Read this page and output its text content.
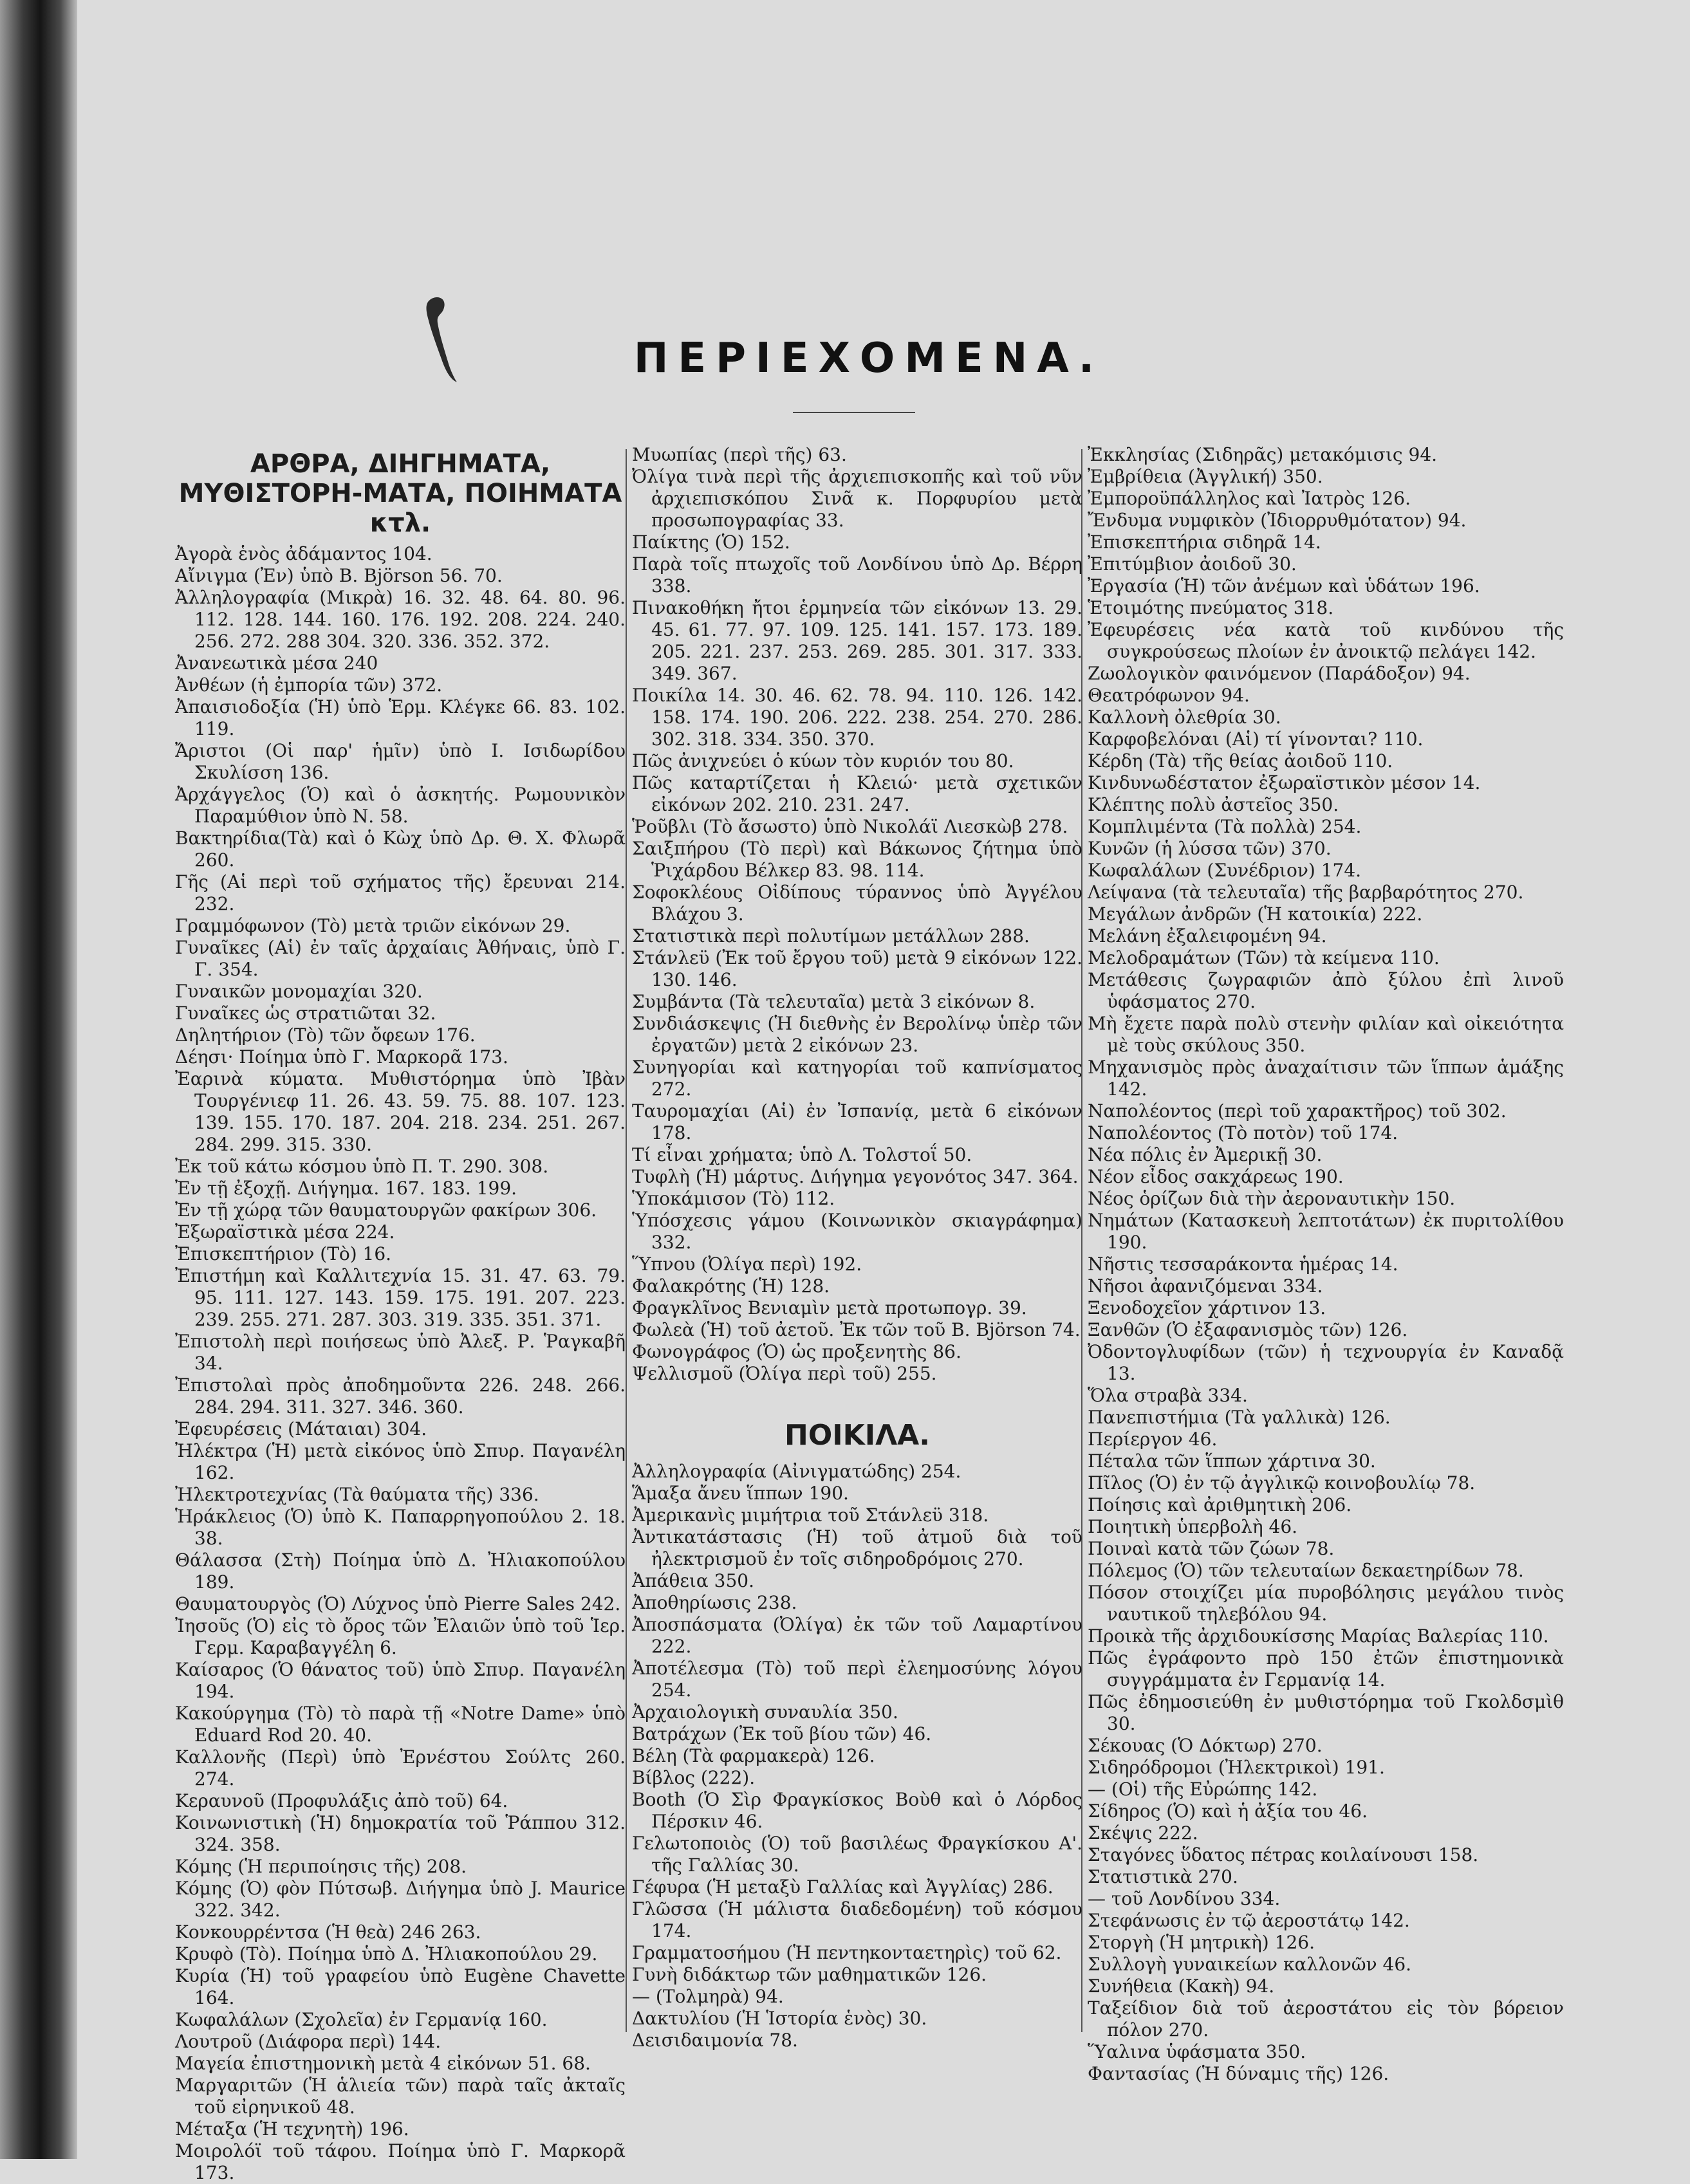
ΠΕΡΙΕΧΟΜΕΝΑ.
ΑΡΘΡΑ, ΔΙΗΓΗΜΑΤΑ, ΜΥΘΙΣΤΟΡΗ-ΜΑΤΑ, ΠΟΙΗΜΑΤΑ κτλ.

Ἀγορὰ ἑνὸς ἀδάμαντος 104.

Αἴνιγμα (Ἐν) ὑπὸ Β. Björson 56. 70.

Ἀλληλογραφία (Μικρὰ) 16. 32. 48. 64. 80. 96. 112. 128. 144. 160. 176. 192. 208. 224. 240. 256. 272. 288 304. 320. 336. 352. 372.

Ἀνανεωτικὰ μέσα 240

Ἀνθέων (ἡ ἐμπορία τῶν) 372.

Ἀπαισιοδοξία (Ἡ) ὑπὸ Ἑρμ. Κλέγκε 66. 83. 102. 119.

Ἄριστοι (Οἱ παρ' ἡμῖν) ὑπὸ Ι. Ισιδωρίδου Σκυλίσση 136.

Ἀρχάγγελος (Ὁ) καὶ ὁ ἀσκητής. Ρωμουνικὸν Παραμύθιον ὑπὸ Ν. 58.

Βακτηρίδια(Τὰ) καὶ ὁ Κὼχ ὑπὸ Δρ. Θ. Χ. Φλωρᾶ 260.

Γῆς (Αἱ περὶ τοῦ σχήματος τῆς) ἔρευναι 214. 232.

Γραμμόφωνον (Τὸ) μετὰ τριῶν εἰκόνων 29.

Γυναῖκες (Αἱ) ἐν ταῖς ἀρχαίαις Ἀθήναις, ὑπὸ Γ. Γ. 354.

Γυναικῶν μονομαχίαι 320.

Γυναῖκες ὡς στρατιῶται 32.

Δηλητήριον (Τὸ) τῶν ὄφεων 176.

Δέησι· Ποίημα ὑπὸ Γ. Μαρκορᾶ 173.

Ἐαρινὰ κύματα. Μυθιστόρημα ὑπὸ Ἰβὰν Τουργένιεφ 11. 26. 43. 59. 75. 88. 107. 123. 139. 155. 170. 187. 204. 218. 234. 251. 267. 284. 299. 315. 330.

Ἐκ τοῦ κάτω κόσμου ὑπὸ Π. Τ. 290. 308.

Ἐν τῇ ἐξοχῇ. Διήγημα. 167. 183. 199.

Ἐν τῇ χώρᾳ τῶν θαυματουργῶν φακίρων 306.

Ἐξωραϊστικὰ μέσα 224.

Ἐπισκεπτήριον (Τὸ) 16.

Ἐπιστήμη καὶ Καλλιτεχνία 15. 31. 47. 63. 79. 95. 111. 127. 143. 159. 175. 191. 207. 223. 239. 255. 271. 287. 303. 319. 335. 351. 371.

Ἐπιστολὴ περὶ ποιήσεως ὑπὸ Ἀλεξ. Ρ. Ῥαγκαβῆ 34.

Ἐπιστολαὶ πρὸς ἀποδημοῦντα 226. 248. 266. 284. 294. 311. 327. 346. 360.

Ἐφευρέσεις (Μάταιαι) 304.

Ἠλέκτρα (Ἡ) μετὰ εἰκόνος ὑπὸ Σπυρ. Παγανέλη 162.

Ἠλεκτροτεχνίας (Τὰ θαύματα τῆς) 336.

Ἡράκλειος (Ὁ) ὑπὸ Κ. Παπαρρηγοπούλου 2. 18. 38.

Θάλασσα (Στὴ) Ποίημα ὑπὸ Δ. Ἠλιακοπούλου 189.

Θαυματουργὸς (Ὁ) Λύχνος ὑπὸ Pierre Sales 242.

Ἰησοῦς (Ὁ) εἰς τὸ ὄρος τῶν Ἐλαιῶν ὑπὸ τοῦ Ἱερ. Γερμ. Καραβαγγέλη 6.

Καίσαρος (Ὁ θάνατος τοῦ) ὑπὸ Σπυρ. Παγανέλη 194.

Κακούργημα (Τὸ) τὸ παρὰ τῇ «Notre Dame» ὑπὸ Eduard Rod 20. 40.

Καλλονῆς (Περὶ) ὑπὸ Ἐρνέστου Σούλτς 260. 274.

Κεραυνοῦ (Προφυλάξις ἀπὸ τοῦ) 64.

Κοινωνιστικὴ (Ἡ) δημοκρατία τοῦ Ῥάππου 312. 324. 358.

Κόμης (Ἡ περιποίησις τῆς) 208.

Κόμης (Ὁ) φὸν Πύτσωβ. Διήγημα ὑπὸ J. Maurice 322. 342.

Κονκουρρέντσα (Ἡ θεὰ) 246 263.

Κρυφὸ (Τὸ). Ποίημα ὑπὸ Δ. Ἠλιακοπούλου 29.

Κυρία (Ἡ) τοῦ γραφείου ὑπὸ Eugène Chavette 164.

Κωφαλάλων (Σχολεῖα) ἐν Γερμανίᾳ 160.

Λουτροῦ (Διάφορα περὶ) 144.

Μαγεία ἐπιστημονικὴ μετὰ 4 εἰκόνων 51. 68.

Μαργαριτῶν (Ἡ ἁλιεία τῶν) παρὰ ταῖς ἀκταῖς τοῦ εἰρηνικοῦ 48.

Μέταξα (Ἡ τεχνητὴ) 196.

Μοιρολόϊ τοῦ τάφου. Ποίημα ὑπὸ Γ. Μαρκορᾶ 173.

Μυωπίας (περὶ τῆς) 63.

Ὀλίγα τινὰ περὶ τῆς ἀρχιεπισκοπῆς καὶ τοῦ νῦν ἀρχιεπισκόπου Σινᾶ κ. Πορφυρίου μετὰ προσωπογραφίας 33.

Παίκτης (Ὁ) 152.

Παρὰ τοῖς πτωχοῖς τοῦ Λονδίνου ὑπὸ Δρ. Βέρρη 338.

Πινακοθήκη ἤτοι ἑρμηνεία τῶν εἰκόνων 13. 29. 45. 61. 77. 97. 109. 125. 141. 157. 173. 189. 205. 221. 237. 253. 269. 285. 301. 317. 333. 349. 367.

Ποικίλα 14. 30. 46. 62. 78. 94. 110. 126. 142. 158. 174. 190. 206. 222. 238. 254. 270. 286. 302. 318. 334. 350. 370.

Πῶς ἀνιχνεύει ὁ κύων τὸν κυριόν του 80.

Πῶς καταρτίζεται ἡ Κλειώ· μετὰ σχετικῶν εἰκόνων 202. 210. 231. 247.

Ῥοῦβλι (Τὸ ἄσωστο) ὑπὸ Νικολάϊ Λιεσκὼβ 278.

Σαιξπήρου (Τὸ περὶ) καὶ Βάκωνος ζήτημα ὑπὸ Ῥιχάρδου Βέλκερ 83. 98. 114.

Σοφοκλέους Οἰδίπους τύραννος ὑπὸ Ἀγγέλου Βλάχου 3.

Στατιστικὰ περὶ πολυτίμων μετάλλων 288.

Στάνλεϋ (Ἐκ τοῦ ἔργου τοῦ) μετὰ 9 εἰκόνων 122. 130. 146.

Συμβάντα (Τὰ τελευταῖα) μετὰ 3 εἰκόνων 8.

Συνδιάσκεψις (Ἡ διεθνὴς ἐν Βερολίνῳ ὑπὲρ τῶν ἐργατῶν) μετὰ 2 εἰκόνων 23.

Συνηγορίαι καὶ κατηγορίαι τοῦ καπνίσματος 272.

Ταυρομαχίαι (Αἱ) ἐν Ἰσπανίᾳ, μετὰ 6 εἰκόνων 178.

Τί εἶναι χρήματα; ὑπὸ Λ. Τολστοΐ 50.

Τυφλὴ (Ἡ) μάρτυς. Διήγημα γεγονότος 347. 364.

Ὑποκάμισον (Τὸ) 112.

Ὑπόσχεσις γάμου (Κοινωνικὸν σκιαγράφημα) 332.

Ὕπνου (Ὀλίγα περὶ) 192.

Φαλακρότης (Ἡ) 128.

Φραγκλῖνος Βενιαμὶν μετὰ προτωπογρ. 39.

Φωλεὰ (Ἡ) τοῦ ἀετοῦ. Ἐκ τῶν τοῦ Β. Björson 74.

Φωνογράφος (Ὁ) ὡς προξενητὴς 86.

Ψελλισμοῦ (Ὀλίγα περὶ τοῦ) 255.

ΠΟΙΚΙΛΑ.

Ἀλληλογραφία (Αἰνιγματώδης) 254.

Ἅμαξα ἄνευ ἵππων 190.

Ἀμερικανὶς μιμήτρια τοῦ Στάνλεϋ 318.

Ἀντικατάστασις (Ἡ) τοῦ ἀτμοῦ διὰ τοῦ ἠλεκτρισμοῦ ἐν τοῖς σιδηροδρόμοις 270.

Ἀπάθεια 350.

Ἀποθηρίωσις 238.

Ἀποσπάσματα (Ὀλίγα) ἐκ τῶν τοῦ Λαμαρτίνου 222.

Ἀποτέλεσμα (Τὸ) τοῦ περὶ ἐλεημοσύνης λόγου 254.

Ἀρχαιολογικὴ συναυλία 350.

Βατράχων (Ἐκ τοῦ βίου τῶν) 46.

Βέλη (Τὰ φαρμακερὰ) 126.

Βίβλος (222).

Booth (Ὁ Σὶρ Φραγκίσκος Βοὺθ καὶ ὁ Λόρδος Πέρσκιν 46.

Γελωτοποιὸς (Ὁ) τοῦ βασιλέως Φραγκίσκου Α'. τῆς Γαλλίας 30.

Γέφυρα (Ἡ μεταξὺ Γαλλίας καὶ Ἀγγλίας) 286.

Γλῶσσα (Ἡ μάλιστα διαδεδομένη) τοῦ κόσμου 174.

Γραμματοσήμου (Ἡ πεντηκονταετηρὶς) τοῦ 62.

Γυνὴ διδάκτωρ τῶν μαθηματικῶν 126.

— (Τολμηρὰ) 94.

Δακτυλίου (Ἡ Ἱστορία ἑνὸς) 30.

Δεισιδαιμονία 78.

Ἐκκλησίας (Σιδηρᾶς) μετακόμισις 94.

Ἐμβρίθεια (Ἀγγλική) 350.

Ἐμποροϋπάλληλος καὶ Ἰατρὸς 126.

Ἔνδυμα νυμφικὸν (Ἰδιορρυθμότατον) 94.

Ἐπισκεπτήρια σιδηρᾶ 14.

Ἐπιτύμβιον ἀοιδοῦ 30.

Ἐργασία (Ἡ) τῶν ἀνέμων καὶ ὑδάτων 196.

Ἑτοιμότης πνεύματος 318.

Ἐφευρέσεις νέα κατὰ τοῦ κινδύνου τῆς συγκρούσεως πλοίων ἐν ἀνοικτῷ πελάγει 142.

Ζωολογικὸν φαινόμενον (Παράδοξον) 94.

Θεατρόφωνον 94.

Καλλονὴ ὀλεθρία 30.

Καρφοβελόναι (Αἱ) τί γίνονται? 110.

Κέρδη (Τὰ) τῆς θείας ἀοιδοῦ 110.

Κινδυνωδέστατον ἐξωραϊστικὸν μέσον 14.

Κλέπτης πολὺ ἀστεῖος 350.

Κομπλιμέντα (Τὰ πολλὰ) 254.

Κυνῶν (ἡ λύσσα τῶν) 370.

Κωφαλάλων (Συνέδριον) 174.

Λείψανα (τὰ τελευταῖα) τῆς βαρβαρότητος 270.

Μεγάλων ἀνδρῶν (Ἡ κατοικία) 222.

Μελάνη ἐξαλειφομένη 94.

Μελοδραμάτων (Τῶν) τὰ κείμενα 110.

Μετάθεσις ζωγραφιῶν ἀπὸ ξύλου ἐπὶ λινοῦ ὑφάσματος 270.

Μὴ ἔχετε παρὰ πολὺ στενὴν φιλίαν καὶ οἰκειότητα μὲ τοὺς σκύλους 350.

Μηχανισμὸς πρὸς ἀναχαίτισιν τῶν ἵππων ἁμάξης 142.

Ναπολέοντος (περὶ τοῦ χαρακτῆρος) τοῦ 302.

Ναπολέοντος (Τὸ ποτὸν) τοῦ 174.

Νέα πόλις ἐν Ἀμερικῇ 30.

Νέον εἶδος σακχάρεως 190.

Νέος ὁρίζων διὰ τὴν ἀεροναυτικὴν 150.

Νημάτων (Κατασκευὴ λεπτοτάτων) ἐκ πυριτολίθου 190.

Νῆστις τεσσαράκοντα ἡμέρας 14.

Νῆσοι ἀφανιζόμεναι 334.

Ξενοδοχεῖον χάρτινον 13.

Ξανθῶν (Ὁ ἐξαφανισμὸς τῶν) 126.

Ὀδοντογλυφίδων (τῶν) ἡ τεχνουργία ἐν Καναδᾷ 13.

Ὅλα στραβὰ 334.

Πανεπιστήμια (Τὰ γαλλικὰ) 126.

Περίεργον 46.

Πέταλα τῶν ἵππων χάρτινα 30.

Πῖλος (Ὁ) ἐν τῷ ἀγγλικῷ κοινοβουλίῳ 78.

Ποίησις καὶ ἀριθμητικὴ 206.

Ποιητικὴ ὑπερβολὴ 46.

Ποιναὶ κατὰ τῶν ζώων 78.

Πόλεμος (Ὁ) τῶν τελευταίων δεκαετηρίδων 78.

Πόσον στοιχίζει μία πυροβόλησις μεγάλου τινὸς ναυτικοῦ τηλεβόλου 94.

Προικὰ τῆς ἀρχιδουκίσσης Μαρίας Βαλερίας 110.

Πῶς ἐγράφοντο πρὸ 150 ἐτῶν ἐπιστημονικὰ συγγράμματα ἐν Γερμανίᾳ 14.

Πῶς ἐδημοσιεύθη ἐν μυθιστόρημα τοῦ Γκολδσμὶθ 30.

Σέκουας (Ὁ Δόκτωρ) 270.

Σιδηρόδρομοι (Ἠλεκτρικοὶ) 191.

— (Οἱ) τῆς Εὐρώπης 142.

Σίδηρος (Ὁ) καὶ ἡ ἀξία του 46.

Σκέψις 222.

Σταγόνες ὕδατος πέτρας κοιλαίνουσι 158.

Στατιστικὰ 270.

— τοῦ Λονδίνου 334.

Στεφάνωσις ἐν τῷ ἀεροστάτῳ 142.

Στοργὴ (Ἡ μητρικὴ) 126.

Συλλογὴ γυναικείων καλλονῶν 46.

Συνήθεια (Κακὴ) 94.

Ταξείδιον διὰ τοῦ ἀεροστάτου εἰς τὸν βόρειον πόλον 270.

Ὕαλινα ὑφάσματα 350.

Φαντασίας (Ἡ δύναμις τῆς) 126.
